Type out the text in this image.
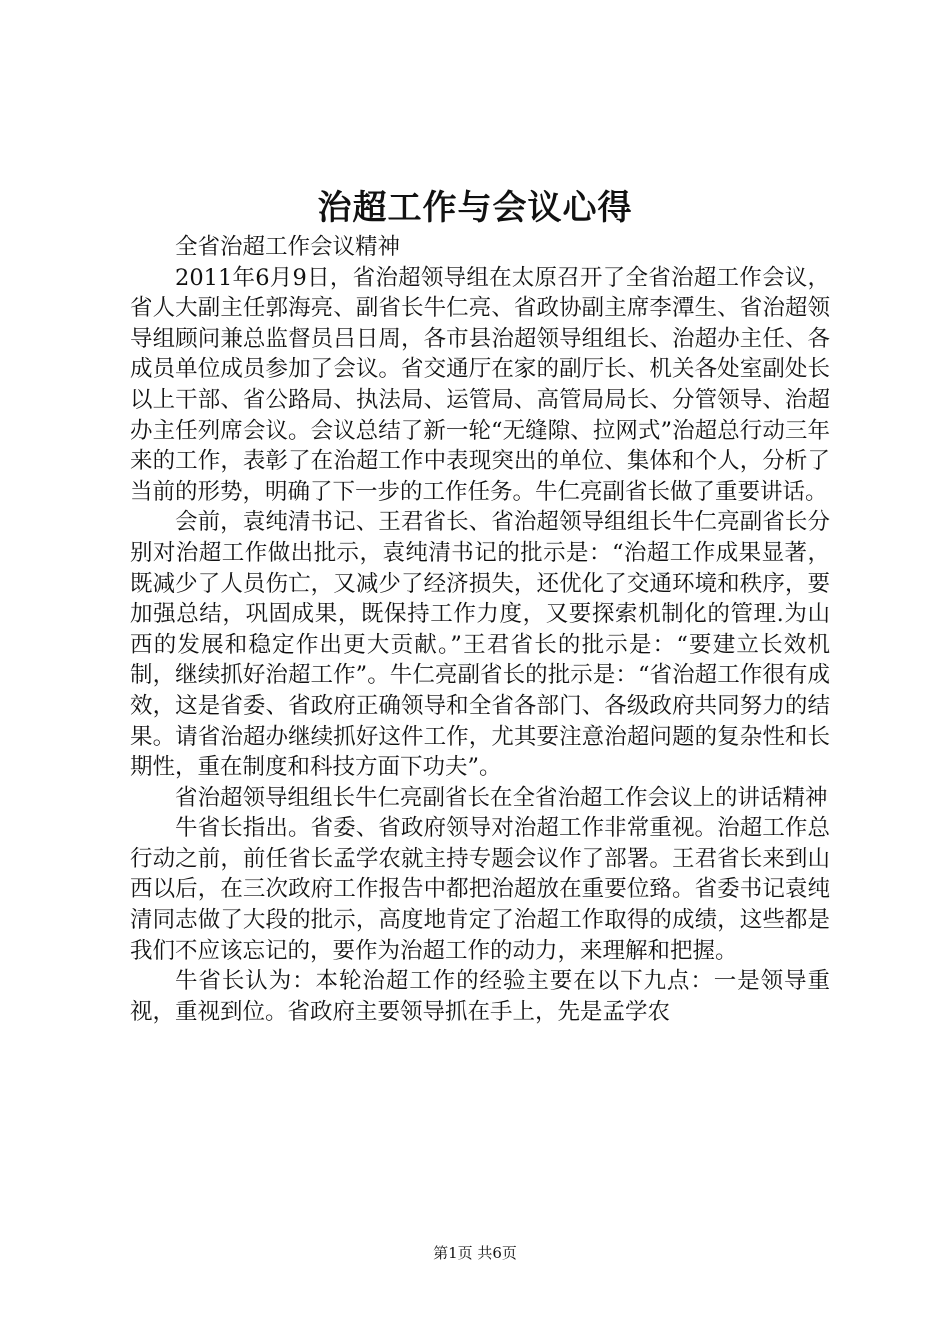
治超工作与会议心得

全省治超工作会议精神

2011年6月9日，省治超领导组在太原召开了全省治超工作会议，省人大副主任郭海亮、副省长牛仁亮、省政协副主席李潭生、省治超领导组顾问兼总监督员吕日周，各市县治超领导组组长、治超办主任、各成员单位成员参加了会议。省交通厅在家的副厅长、机关各处室副处长以上干部、省公路局、执法局、运管局、高管局局长、分管领导、治超办主任列席会议。会议总结了新一轮“无缝隙、拉网式”治超总行动三年来的工作，表彰了在治超工作中表现突出的单位、集体和个人，分析了当前的形势，明确了下一步的工作任务。牛仁亮副省长做了重要讲话。

会前，袁纯清书记、王君省长、省治超领导组组长牛仁亮副省长分别对治超工作做出批示，袁纯清书记的批示是：“治超工作成果显著，既减少了人员伤亡，又减少了经济损失，还优化了交通环境和秩序，要加强总结，巩固成果，既保持工作力度，又要探索机制化的管理.为山西的发展和稳定作出更大贡献。”王君省长的批示是：“要建立长效机制，继续抓好治超工作”。牛仁亮副省长的批示是：“省治超工作很有成效，这是省委、省政府正确领导和全省各部门、各级政府共同努力的结果。请省治超办继续抓好这件工作，尤其要注意治超问题的复杂性和长期性，重在制度和科技方面下功夫”。

省治超领导组组长牛仁亮副省长在全省治超工作会议上的讲话精神

牛省长指出。省委、省政府领导对治超工作非常重视。治超工作总行动之前，前任省长孟学农就主持专题会议作了部署。王君省长来到山西以后，在三次政府工作报告中都把治超放在重要位臵。省委书记袁纯清同志做了大段的批示，高度地肯定了治超工作取得的成绩，这些都是我们不应该忘记的，要作为治超工作的动力，来理解和把握。

牛省长认为：本轮治超工作的经验主要在以下九点：一是领导重视，重视到位。省政府主要领导抓在手上，先是孟学农

第1页 共6页
